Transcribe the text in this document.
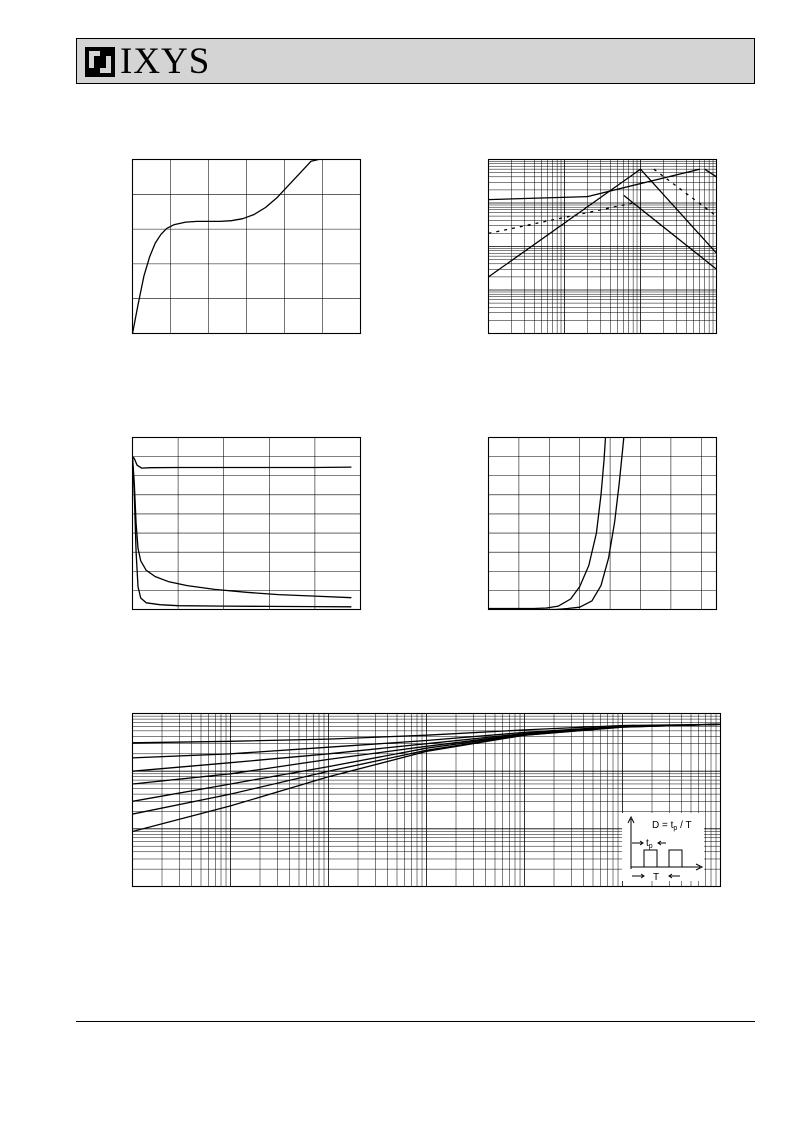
IXYS
$D = t_p / T$
$t_p$
T
